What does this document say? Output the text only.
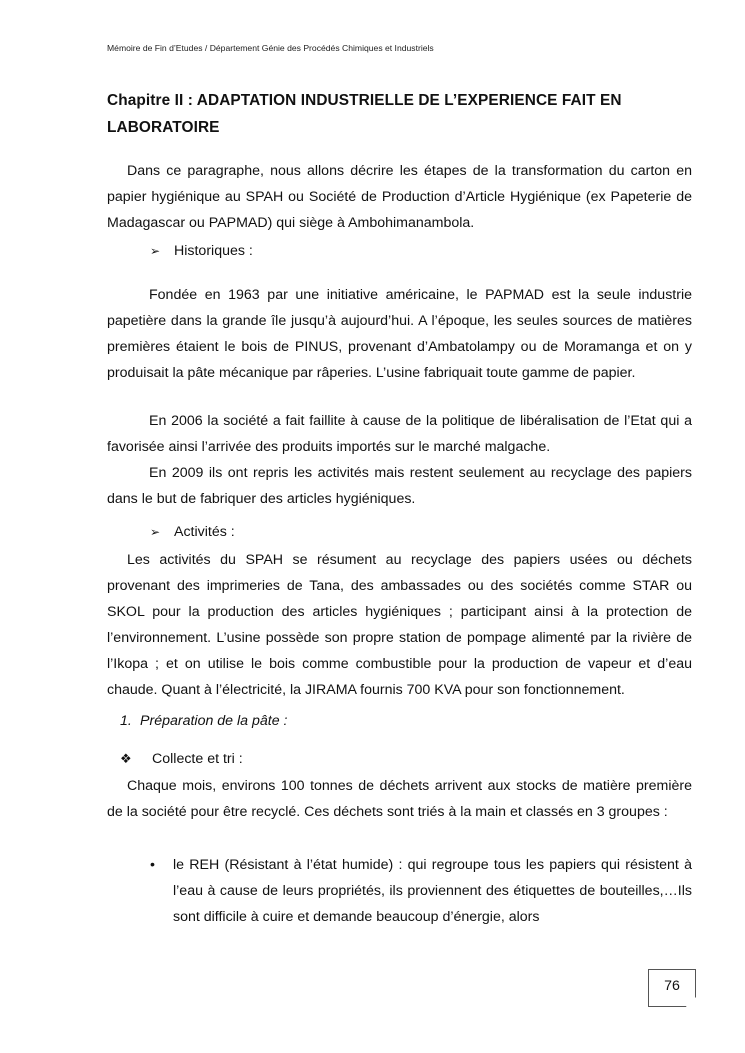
Mémoire de Fin d’Etudes / Département Génie des Procédés Chimiques et Industriels
Chapitre II : ADAPTATION INDUSTRIELLE DE L’EXPERIENCE FAIT EN LABORATOIRE
Dans ce paragraphe, nous allons décrire les étapes de la transformation du carton en papier hygiénique au SPAH ou Société de Production d’Article Hygiénique (ex Papeterie de Madagascar ou PAPMAD) qui siège à Ambohimanambola.
➢ Historiques :
Fondée en 1963 par une initiative américaine, le PAPMAD est la seule industrie papetière dans la grande île jusqu’à aujourd’hui. A l’époque, les seules sources de matières premières étaient le bois de PINUS, provenant d’Ambatolampy ou de Moramanga et on y produisait la pâte mécanique par râperies. L’usine fabriquait toute gamme de papier.
En 2006 la société a fait faillite à cause de la politique de libéralisation de l’Etat qui a favorisée ainsi l’arrivée des produits importés sur le marché malgache.
En 2009 ils ont repris les activités mais restent seulement au recyclage des papiers dans le but de fabriquer des articles hygiéniques.
➢ Activités :
Les activités du SPAH se résument au recyclage des papiers usées ou déchets provenant des imprimeries de Tana, des ambassades ou des sociétés comme STAR ou SKOL pour la production des articles hygiéniques ; participant ainsi à la protection de l’environnement. L’usine possède son propre station de pompage alimenté par la rivière de l’Ikopa ; et on utilise le bois comme combustible pour la production de vapeur et d’eau chaude. Quant à l’électricité, la JIRAMA fournis 700 KVA pour son fonctionnement.
1. Préparation de la pâte :
❖ Collecte et tri :
Chaque mois, environs 100 tonnes de déchets arrivent aux stocks de matière première de la société pour être recyclé. Ces déchets sont triés à la main et classés en 3 groupes :
• le REH (Résistant à l’état humide) : qui regroupe tous les papiers qui résistent à l’eau à cause de leurs propriétés, ils proviennent des étiquettes de bouteilles,…Ils sont difficile à cuire et demande beaucoup d’énergie, alors
76
